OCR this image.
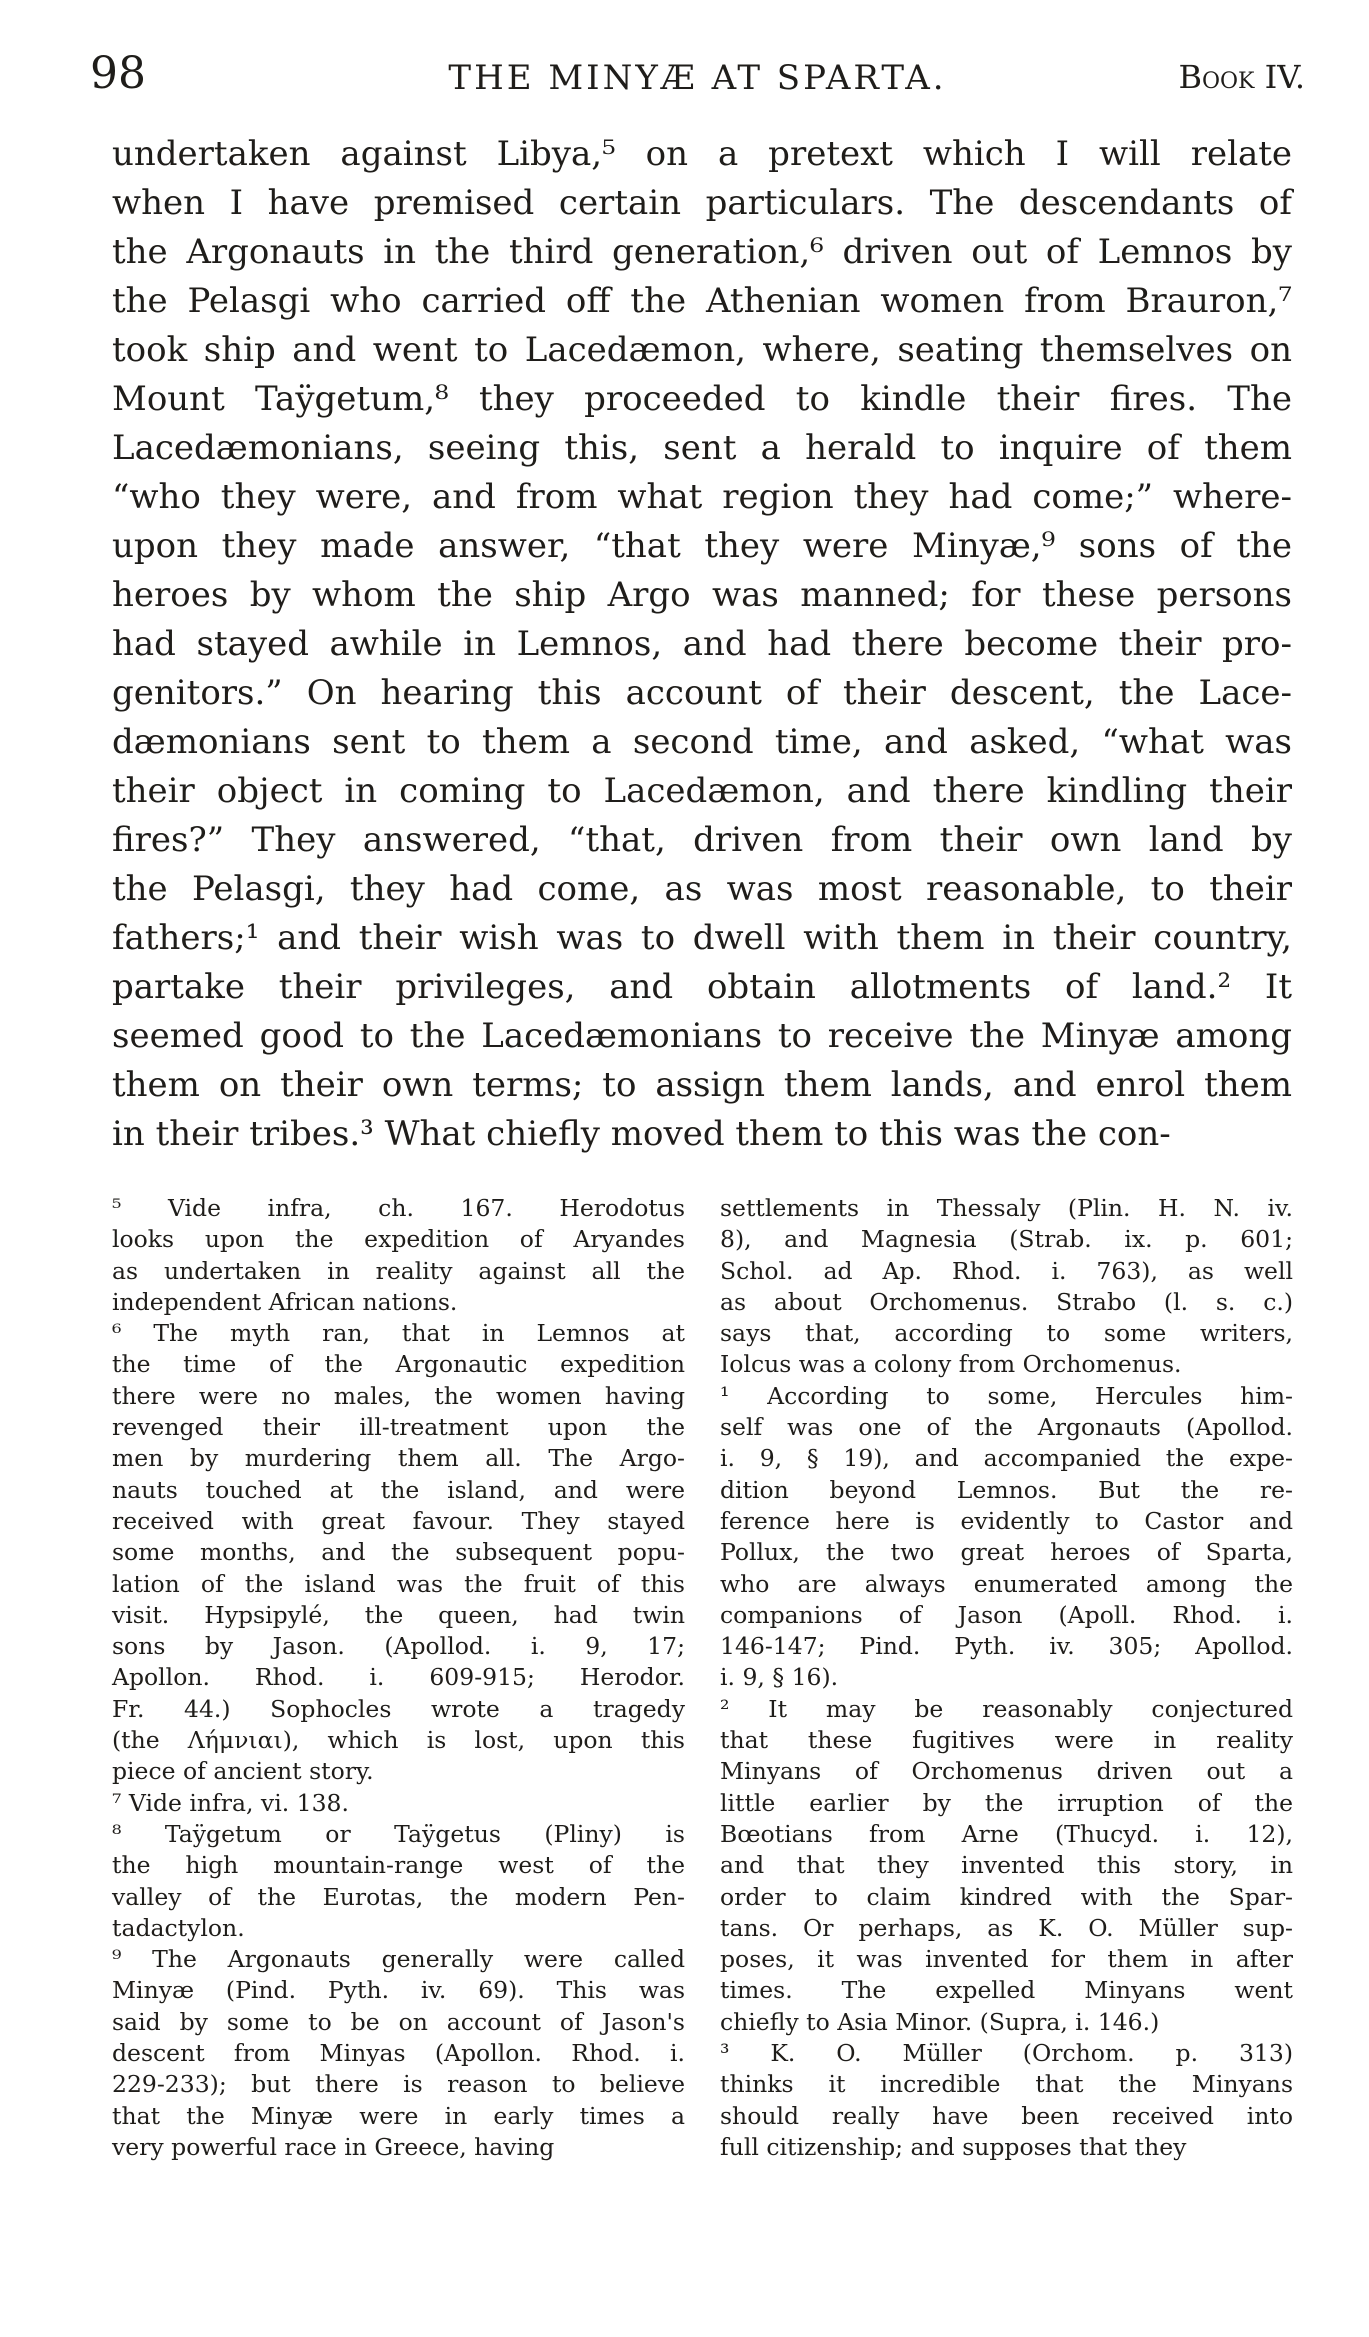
98	THE MINYÆ AT SPARTA.	Book IV.
undertaken against Libya,⁵ on a pretext which I will relate
when I have premised certain particulars. The descendants of
the Argonauts in the third generation,⁶ driven out of Lemnos by
the Pelasgi who carried off the Athenian women from Brauron,⁷
took ship and went to Lacedæmon, where, seating themselves on
Mount Taÿgetum,⁸ they proceeded to kindle their fires. The
Lacedæmonians, seeing this, sent a herald to inquire of them
“who they were, and from what region they had come;” where-
upon they made answer, “that they were Minyæ,⁹ sons of the
heroes by whom the ship Argo was manned; for these persons
had stayed awhile in Lemnos, and had there become their pro-
genitors.” On hearing this account of their descent, the Lace-
dæmonians sent to them a second time, and asked, “what was
their object in coming to Lacedæmon, and there kindling their
fires?” They answered, “that, driven from their own land by
the Pelasgi, they had come, as was most reasonable, to their
fathers;¹ and their wish was to dwell with them in their country,
partake their privileges, and obtain allotments of land.² It
seemed good to the Lacedæmonians to receive the Minyæ among
them on their own terms; to assign them lands, and enrol them
in their tribes.³ What chiefly moved them to this was the con-
⁵ Vide infra, ch. 167. Herodotus
looks upon the expedition of Aryandes
as undertaken in reality against all the
independent African nations.
⁶ The myth ran, that in Lemnos at
the time of the Argonautic expedition
there were no males, the women having
revenged their ill-treatment upon the
men by murdering them all. The Argo-
nauts touched at the island, and were
received with great favour. They stayed
some months, and the subsequent popu-
lation of the island was the fruit of this
visit. Hypsipylé, the queen, had twin
sons by Jason. (Apollod. i. 9, 17;
Apollon. Rhod. i. 609-915; Herodor.
Fr. 44.) Sophocles wrote a tragedy
(the Λήμνιαι), which is lost, upon this
piece of ancient story.
⁷ Vide infra, vi. 138.
⁸ Taÿgetum or Taÿgetus (Pliny) is
the high mountain-range west of the
valley of the Eurotas, the modern Pen-
tadactylon.
⁹ The Argonauts generally were called
Minyæ (Pind. Pyth. iv. 69). This was
said by some to be on account of Jason's
descent from Minyas (Apollon. Rhod. i.
229-233); but there is reason to believe
that the Minyæ were in early times a
very powerful race in Greece, having
settlements in Thessaly (Plin. H. N. iv.
8), and Magnesia (Strab. ix. p. 601;
Schol. ad Ap. Rhod. i. 763), as well
as about Orchomenus. Strabo (l. s. c.)
says that, according to some writers,
Iolcus was a colony from Orchomenus.
¹ According to some, Hercules him-
self was one of the Argonauts (Apollod.
i. 9, § 19), and accompanied the expe-
dition beyond Lemnos. But the re-
ference here is evidently to Castor and
Pollux, the two great heroes of Sparta,
who are always enumerated among the
companions of Jason (Apoll. Rhod. i.
146-147; Pind. Pyth. iv. 305; Apollod.
i. 9, § 16).
² It may be reasonably conjectured
that these fugitives were in reality
Minyans of Orchomenus driven out a
little earlier by the irruption of the
Bœotians from Arne (Thucyd. i. 12),
and that they invented this story, in
order to claim kindred with the Spar-
tans. Or perhaps, as K. O. Müller sup-
poses, it was invented for them in after
times. The expelled Minyans went
chiefly to Asia Minor. (Supra, i. 146.)
³ K. O. Müller (Orchom. p. 313)
thinks it incredible that the Minyans
should really have been received into
full citizenship; and supposes that they
